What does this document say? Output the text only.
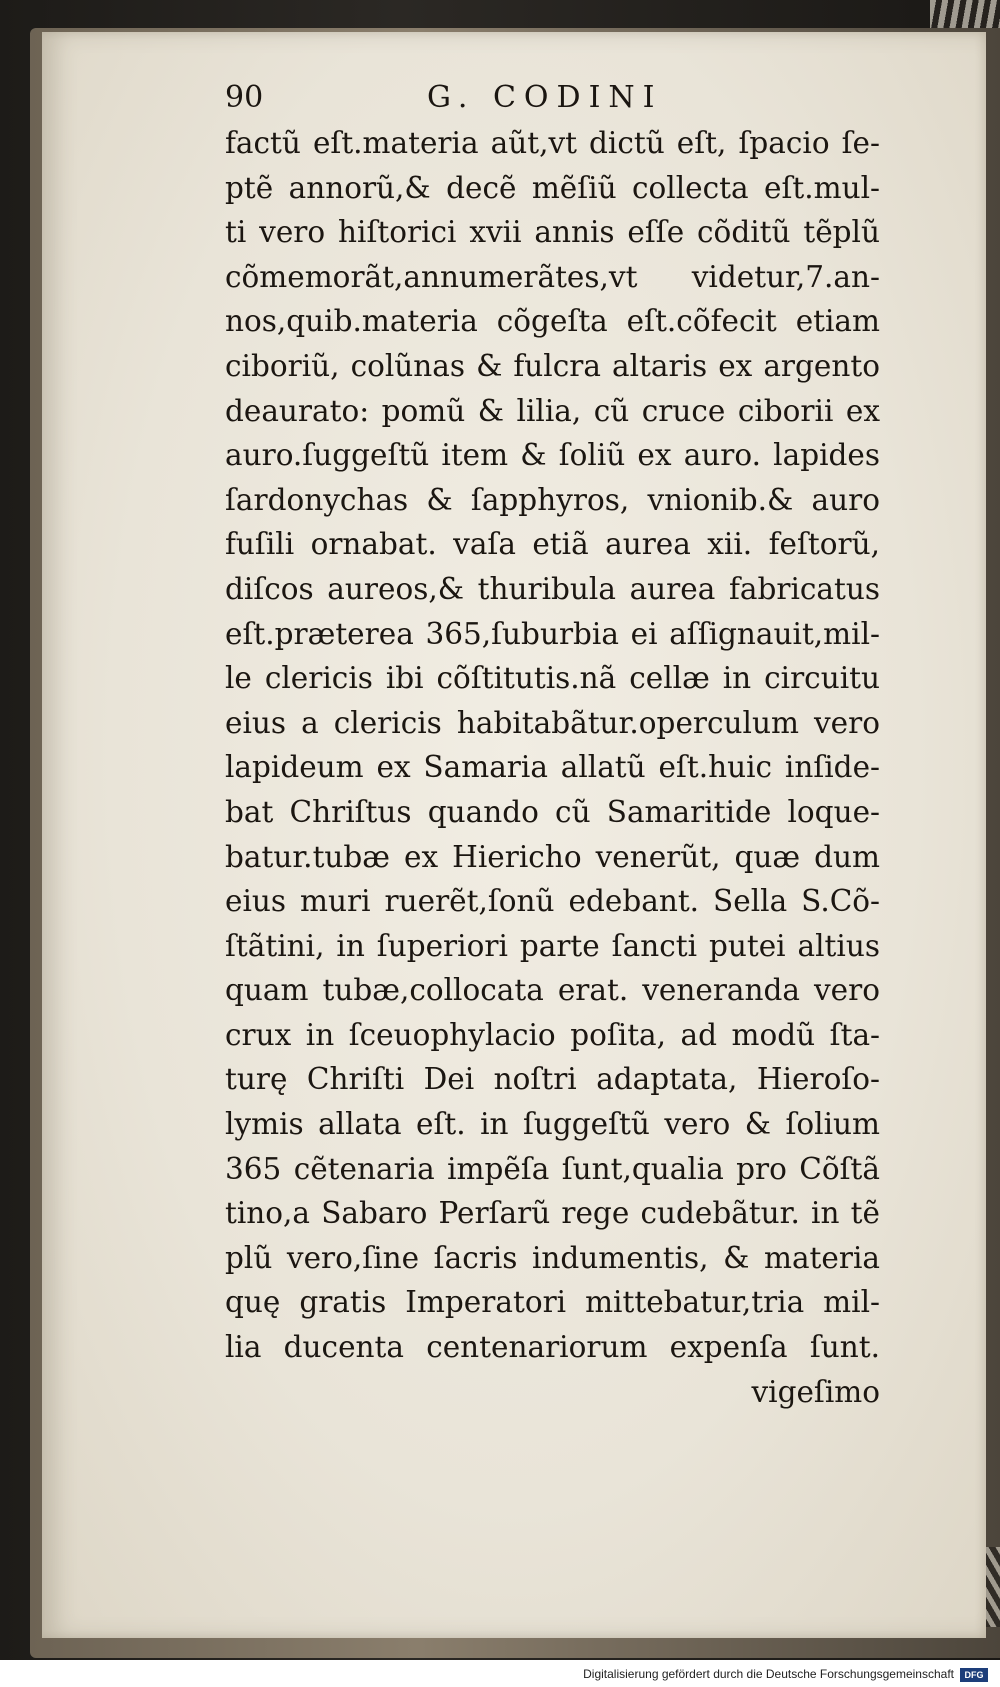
90	G. CODINI
factũ eſt.materia aũt,vt dictũ eſt, ſpacio ſe-
ptẽ annorũ,& decẽ mẽſiũ collecta eſt.mul-
ti vero hiſtorici xvii annis eſſe cõditũ tẽplũ
cõmemorãt,annumerãtes,vt videtur,7.an-
nos,quib.materia cõgeſta eſt.cõfecit etiam
ciboriũ, colũnas & fulcra altaris ex argento
deaurato: pomũ & lilia, cũ cruce ciborii ex
auro.ſuggeſtũ item & ſoliũ ex auro. lapides
ſardonychas & ſapphyros, vnionib.& auro
fuſili ornabat. vaſa etiã aurea xii. feſtorũ,
diſcos aureos,& thuribula aurea fabricatus
eſt.præterea 365,ſuburbia ei aſſignauit,mil-
le clericis ibi cõſtitutis.nã cellæ in circuitu
eius a clericis habitabãtur.operculum vero
lapideum ex Samaria allatũ eſt.huic inſide-
bat Chriſtus quando cũ Samaritide loque-
batur.tubæ ex Hiericho venerũt, quæ dum
eius muri ruerẽt,ſonũ edebant. Sella S.Cõ-
ſtãtini, in ſuperiori parte ſancti putei altius
quam tubæ,collocata erat. veneranda vero
crux in ſceuophylacio poſita, ad modũ ſta-
turę Chriſti Dei noſtri adaptata, Hieroſo-
lymis allata eſt. in ſuggeſtũ vero & ſolium
365 cẽtenaria impẽſa ſunt,qualia pro Cõſtã
tino,a Sabaro Perſarũ rege cudebãtur. in tẽ
plũ vero,ſine ſacris indumentis, & materia
quę gratis Imperatori mittebatur,tria mil-
lia ducenta centenariorum expenſa ſunt.
vigeſimo
Digitalisierung gefördert durch die Deutsche Forschungsgemeinschaft	DFG
